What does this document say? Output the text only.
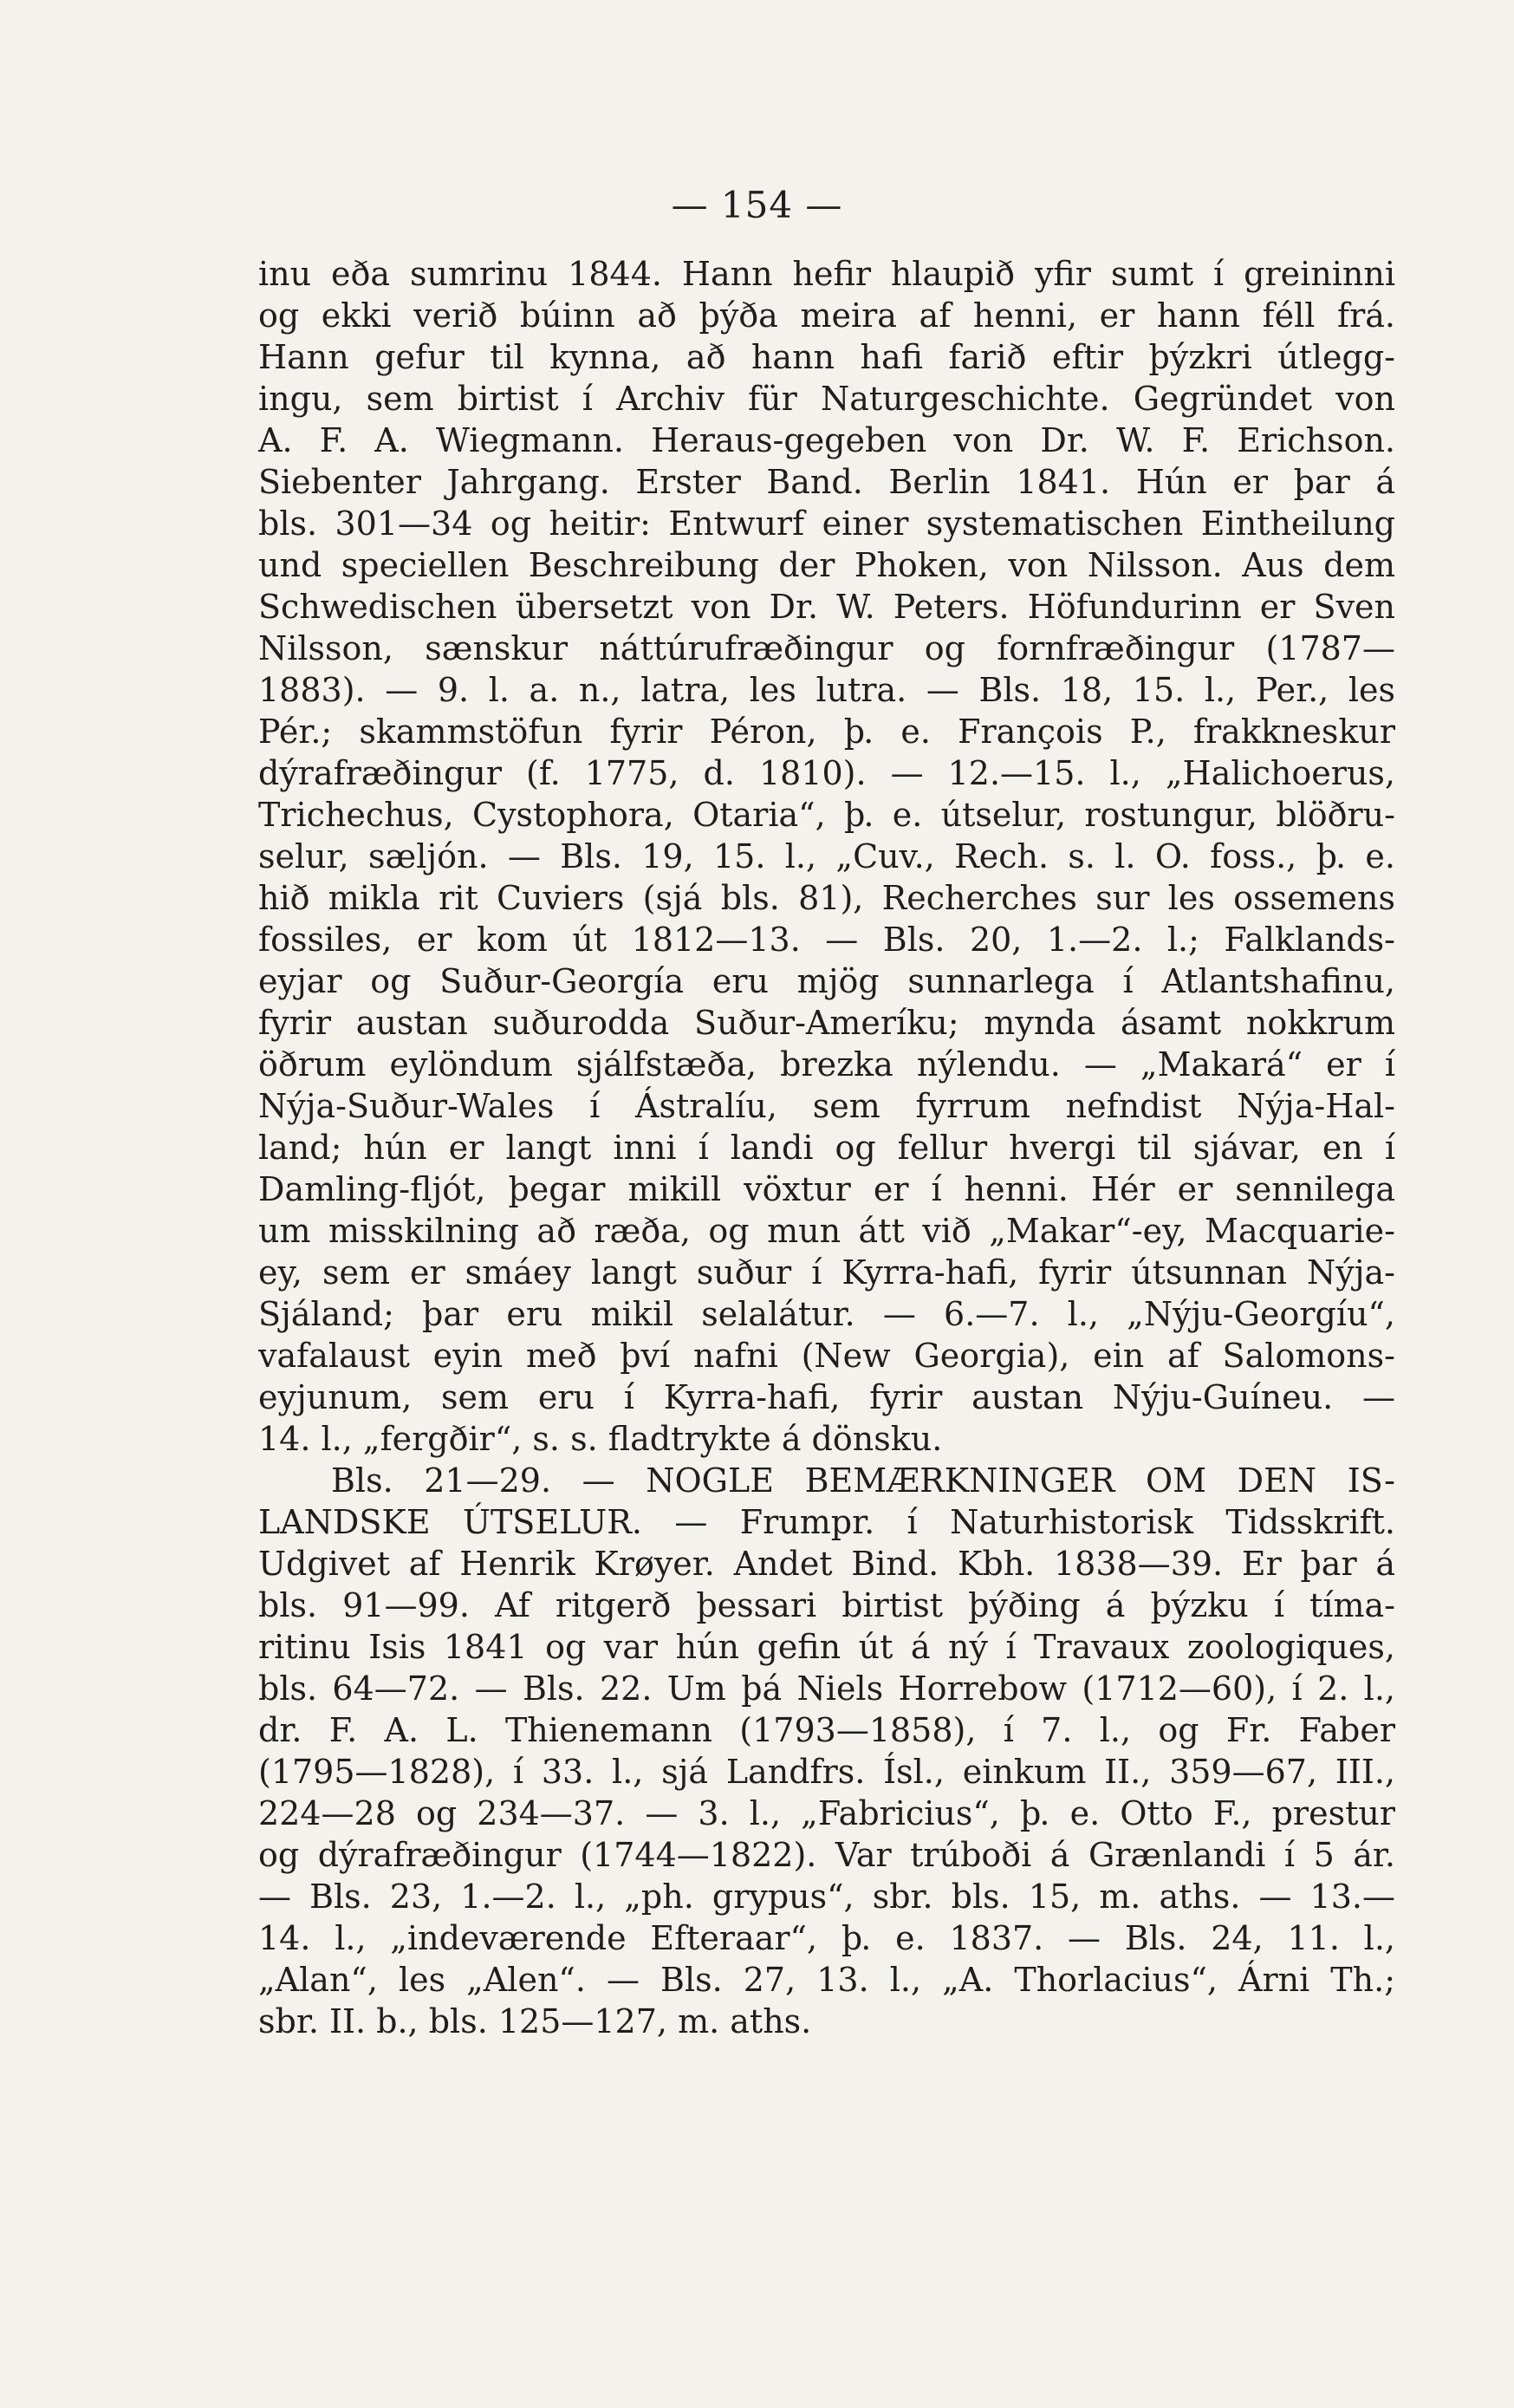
— 154 —
inu eða sumrinu 1844. Hann hefir hlaupið yfir sumt í greininni
og ekki verið búinn að þýða meira af henni, er hann féll frá.
Hann gefur til kynna, að hann hafi farið eftir þýzkri útlegg-
ingu, sem birtist í Archiv für Naturgeschichte. Gegründet von
A. F. A. Wiegmann. Heraus-gegeben von Dr. W. F. Erichson.
Siebenter Jahrgang. Erster Band. Berlin 1841. Hún er þar á
bls. 301—34 og heitir: Entwurf einer systematischen Eintheilung
und speciellen Beschreibung der Phoken, von Nilsson. Aus dem
Schwedischen übersetzt von Dr. W. Peters. Höfundurinn er Sven
Nilsson, sænskur náttúrufræðingur og fornfræðingur (1787—
1883). — 9. l. a. n., latra, les lutra. — Bls. 18, 15. l., Per., les
Pér.; skammstöfun fyrir Péron, þ. e. François P., frakkneskur
dýrafræðingur (f. 1775, d. 1810). — 12.—15. l., „Halichoerus,
Trichechus, Cystophora, Otaria“, þ. e. útselur, rostungur, blöðru-
selur, sæljón. — Bls. 19, 15. l., „Cuv., Rech. s. l. O. foss., þ. e.
hið mikla rit Cuviers (sjá bls. 81), Recherches sur les ossemens
fossiles, er kom út 1812—13. — Bls. 20, 1.—2. l.; Falklands-
eyjar og Suður-Georgía eru mjög sunnarlega í Atlantshafinu,
fyrir austan suðurodda Suður-Ameríku; mynda ásamt nokkrum
öðrum eylöndum sjálfstæða, brezka nýlendu. — „Makará“ er í
Nýja-Suður-Wales í Ástralíu, sem fyrrum nefndist Nýja-Hal-
land; hún er langt inni í landi og fellur hvergi til sjávar, en í
Damling-fljót, þegar mikill vöxtur er í henni. Hér er sennilega
um misskilning að ræða, og mun átt við „Makar“-ey, Macquarie-
ey, sem er smáey langt suður í Kyrra-hafi, fyrir útsunnan Nýja-
Sjáland; þar eru mikil selalátur. — 6.—7. l., „Nýju-Georgíu“,
vafalaust eyin með því nafni (New Georgia), ein af Salomons-
eyjunum, sem eru í Kyrra-hafi, fyrir austan Nýju-Guíneu. —
14. l., „fergðir“, s. s. fladtrykte á dönsku.
Bls. 21—29. — NOGLE BEMÆRKNINGER OM DEN IS-
LANDSKE ÚTSELUR. — Frumpr. í Naturhistorisk Tidsskrift.
Udgivet af Henrik Krøyer. Andet Bind. Kbh. 1838—39. Er þar á
bls. 91—99. Af ritgerð þessari birtist þýðing á þýzku í tíma-
ritinu Isis 1841 og var hún gefin út á ný í Travaux zoologiques,
bls. 64—72. — Bls. 22. Um þá Niels Horrebow (1712—60), í 2. l.,
dr. F. A. L. Thienemann (1793—1858), í 7. l., og Fr. Faber
(1795—1828), í 33. l., sjá Landfrs. Ísl., einkum II., 359—67, III.,
224—28 og 234—37. — 3. l., „Fabricius“, þ. e. Otto F., prestur
og dýrafræðingur (1744—1822). Var trúboði á Grænlandi í 5 ár.
— Bls. 23, 1.—2. l., „ph. grypus“, sbr. bls. 15, m. aths. — 13.—
14. l., „indeværende Efteraar“, þ. e. 1837. — Bls. 24, 11. l.,
„Alan“, les „Alen“. — Bls. 27, 13. l., „A. Thorlacius“, Árni Th.;
sbr. II. b., bls. 125—127, m. aths.
